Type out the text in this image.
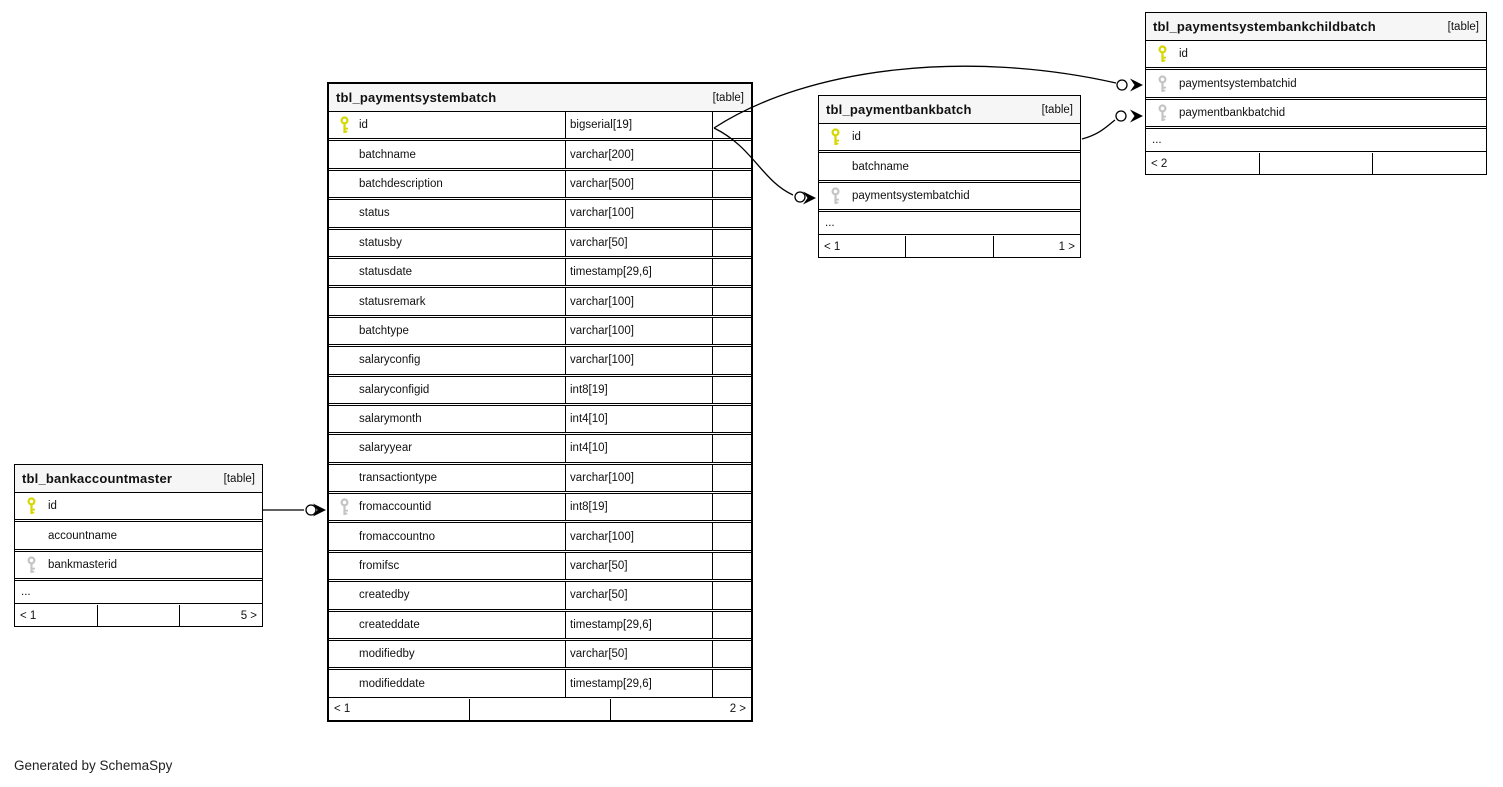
tbl_paymentsystembatch	[table]
id	bigserial[19]
batchname	varchar[200]
batchdescription	varchar[500]
status	varchar[100]
statusby	varchar[50]
statusdate	timestamp[29,6]
statusremark	varchar[100]
batchtype	varchar[100]
salaryconfig	varchar[100]
salaryconfigid	int8[19]
salarymonth	int4[10]
salaryyear	int4[10]
transactiontype	varchar[100]
fromaccountid	int8[19]
fromaccountno	varchar[100]
fromifsc	varchar[50]
createdby	varchar[50]
createddate	timestamp[29,6]
modifiedby	varchar[50]
modifieddate	timestamp[29,6]
< 1	2 >
tbl_paymentbankbatch	[table]
id
batchname
paymentsystembatchid
...
< 1	1 >
tbl_paymentsystembankchildbatch	[table]
id
paymentsystembatchid
paymentbankbatchid
...
< 2
tbl_bankaccountmaster	[table]
id
accountname
bankmasterid
...
< 1	5 >
Generated by SchemaSpy
